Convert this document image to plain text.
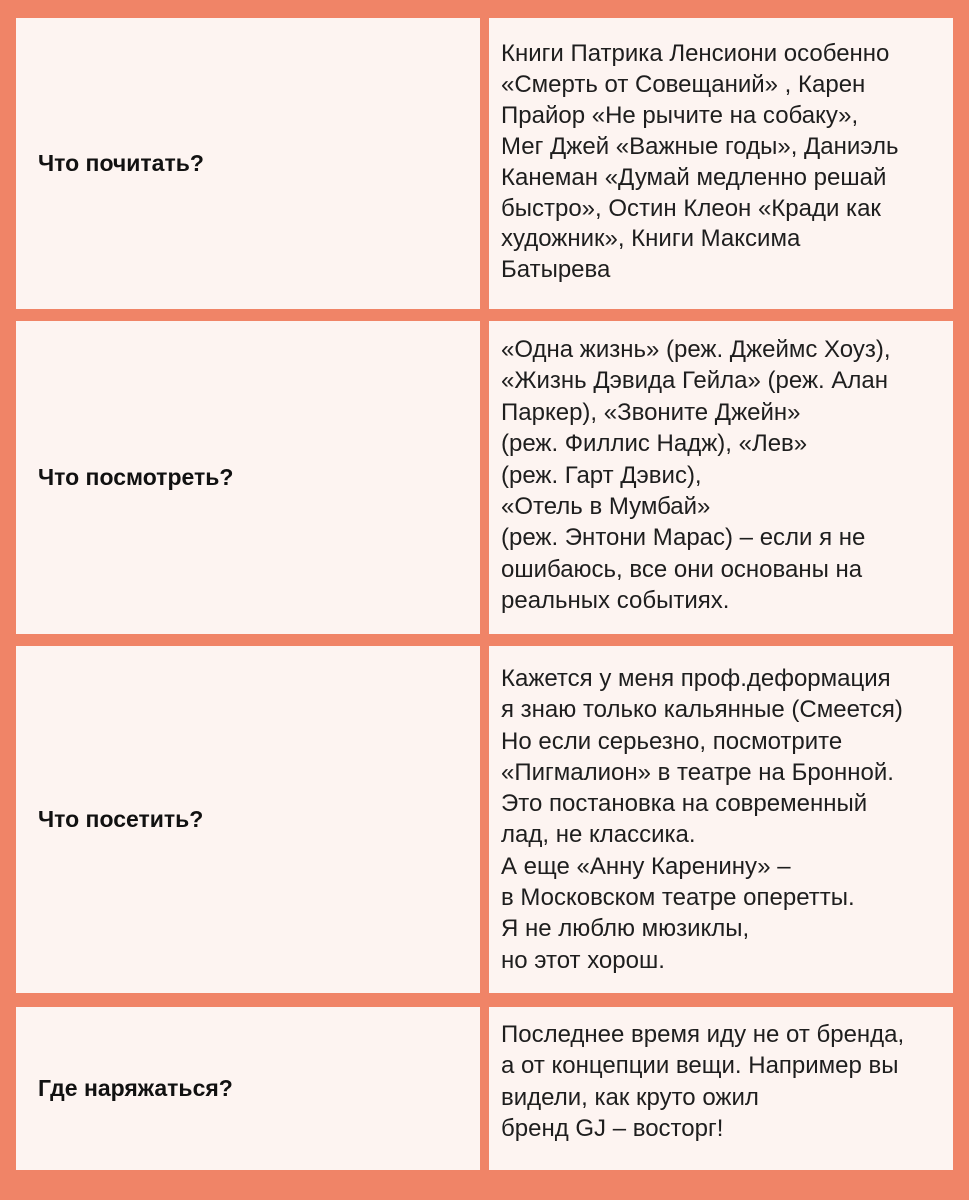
Что почитать?
Книги Патрика Ленсиони особенно
«Смерть от Совещаний» , Карен
Прайор «Не рычите на собаку»,
Мег Джей «Важные годы», Даниэль
Канеман «Думай медленно решай
быстро», Остин Клеон «Кради как
художник», Книги Максима
Батырева
Что посмотреть?
«Одна жизнь» (реж. Джеймс Хоуз),
«Жизнь Дэвида Гейла» (реж. Алан
Паркер), «Звоните Джейн»
(реж. Филлис Надж), «Лев»
(реж. Гарт Дэвис),
«Отель в Мумбай»
(реж. Энтони Марас) – если я не
ошибаюсь, все они основаны на
реальных событиях.
Что посетить?
Кажется у меня проф.деформация
я знаю только кальянные (Смеется)
Но если серьезно, посмотрите
«Пигмалион» в театре на Бронной.
Это постановка на современный
лад, не классика.
А еще «Анну Каренину» –
в Московском театре оперетты.
Я не люблю мюзиклы,
но этот хорош.
Где наряжаться?
Последнее время иду не от бренда,
а от концепции вещи. Например вы
видели, как круто ожил
бренд GJ – восторг!
